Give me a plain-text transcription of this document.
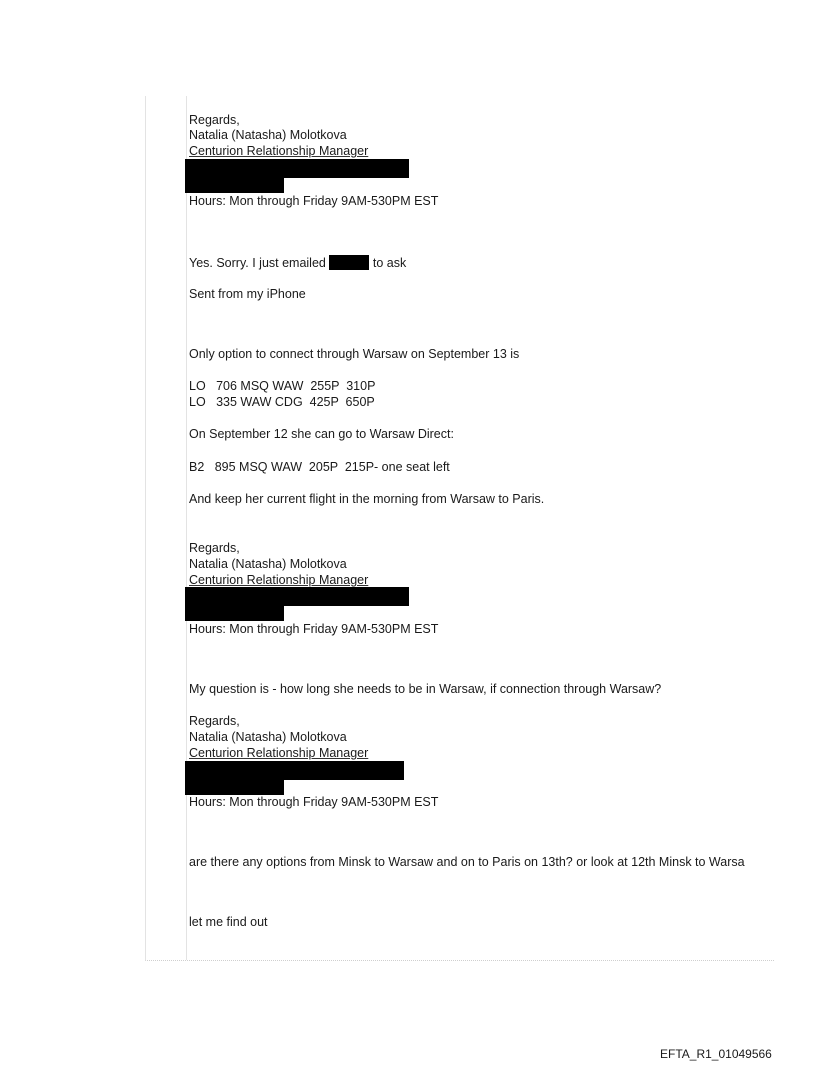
Regards,
Natalia (Natasha) Molotkova
Centurion Relationship Manager
Hours: Mon through Friday 9AM-530PM EST
Yes. Sorry. I just emailed	to ask
Sent from my iPhone
Only option to connect through Warsaw on September 13 is
LO   706 MSQ WAW  255P  310P
LO   335 WAW CDG  425P  650P
On September 12 she can go to Warsaw Direct:
B2   895 MSQ WAW  205P  215P- one seat left
And keep her current flight in the morning from Warsaw to Paris.
Regards,
Natalia (Natasha) Molotkova
Centurion Relationship Manager
Hours: Mon through Friday 9AM-530PM EST
My question is - how long she needs to be in Warsaw, if connection through Warsaw?
Regards,
Natalia (Natasha) Molotkova
Centurion Relationship Manager
Hours: Mon through Friday 9AM-530PM EST
are there any options from Minsk to Warsaw and on to Paris on 13th? or look at 12th Minsk to Warsa
let me find out
EFTA_R1_01049566
